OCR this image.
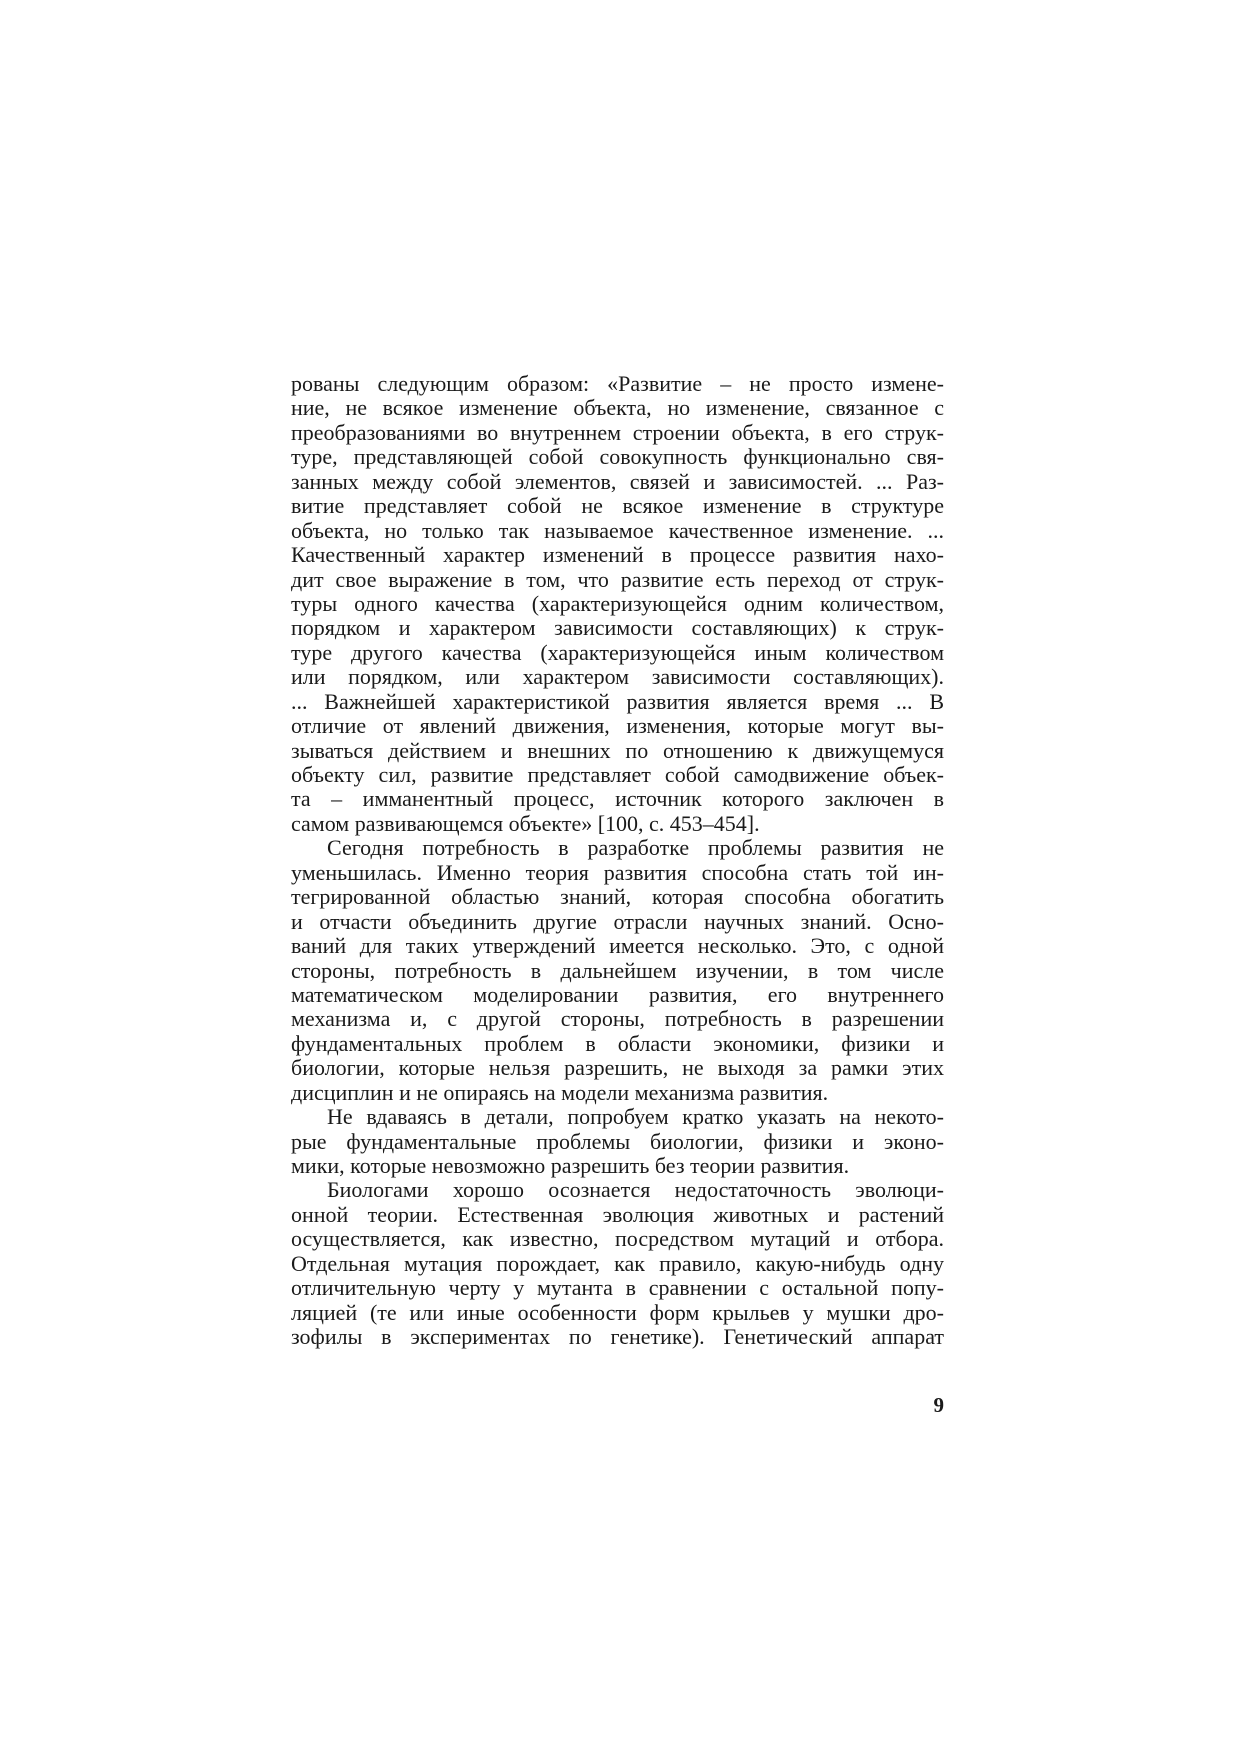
рованы следующим образом: «Развитие – не просто измене-
ние, не всякое изменение объекта, но изменение, связанное с
преобразованиями во внутреннем строении объекта, в его струк-
туре, представляющей собой совокупность функционально свя-
занных между собой элементов, связей и зависимостей. ... Раз-
витие представляет собой не всякое изменение в структуре
объекта, но только так называемое качественное изменение. ...
Качественный характер изменений в процессе развития нахо-
дит свое выражение в том, что развитие есть переход от струк-
туры одного качества (характеризующейся одним количеством,
порядком и характером зависимости составляющих) к струк-
туре другого качества (характеризующейся иным количеством
или порядком, или характером зависимости составляющих).
... Важнейшей характеристикой развития является время ... В
отличие от явлений движения, изменения, которые могут вы-
зываться действием и внешних по отношению к движущемуся
объекту сил, развитие представляет собой самодвижение объек-
та – имманентный процесс, источник которого заключен в
самом развивающемся объекте» [100, с. 453–454].
Сегодня потребность в разработке проблемы развития не
уменьшилась. Именно теория развития способна стать той ин-
тегрированной областью знаний, которая способна обогатить
и отчасти объединить другие отрасли научных знаний. Осно-
ваний для таких утверждений имеется несколько. Это, с одной
стороны, потребность в дальнейшем изучении, в том числе
математическом моделировании развития, его внутреннего
механизма и, с другой стороны, потребность в разрешении
фундаментальных проблем в области экономики, физики и
биологии, которые нельзя разрешить, не выходя за рамки этих
дисциплин и не опираясь на модели механизма развития.
Не вдаваясь в детали, попробуем кратко указать на некото-
рые фундаментальные проблемы биологии, физики и эконо-
мики, которые невозможно разрешить без теории развития.
Биологами хорошо осознается недостаточность эволюци-
онной теории. Естественная эволюция животных и растений
осуществляется, как известно, посредством мутаций и отбора.
Отдельная мутация порождает, как правило, какую-нибудь одну
отличительную черту у мутанта в сравнении с остальной попу-
ляцией (те или иные особенности форм крыльев у мушки дро-
зофилы в экспериментах по генетике). Генетический аппарат
9
